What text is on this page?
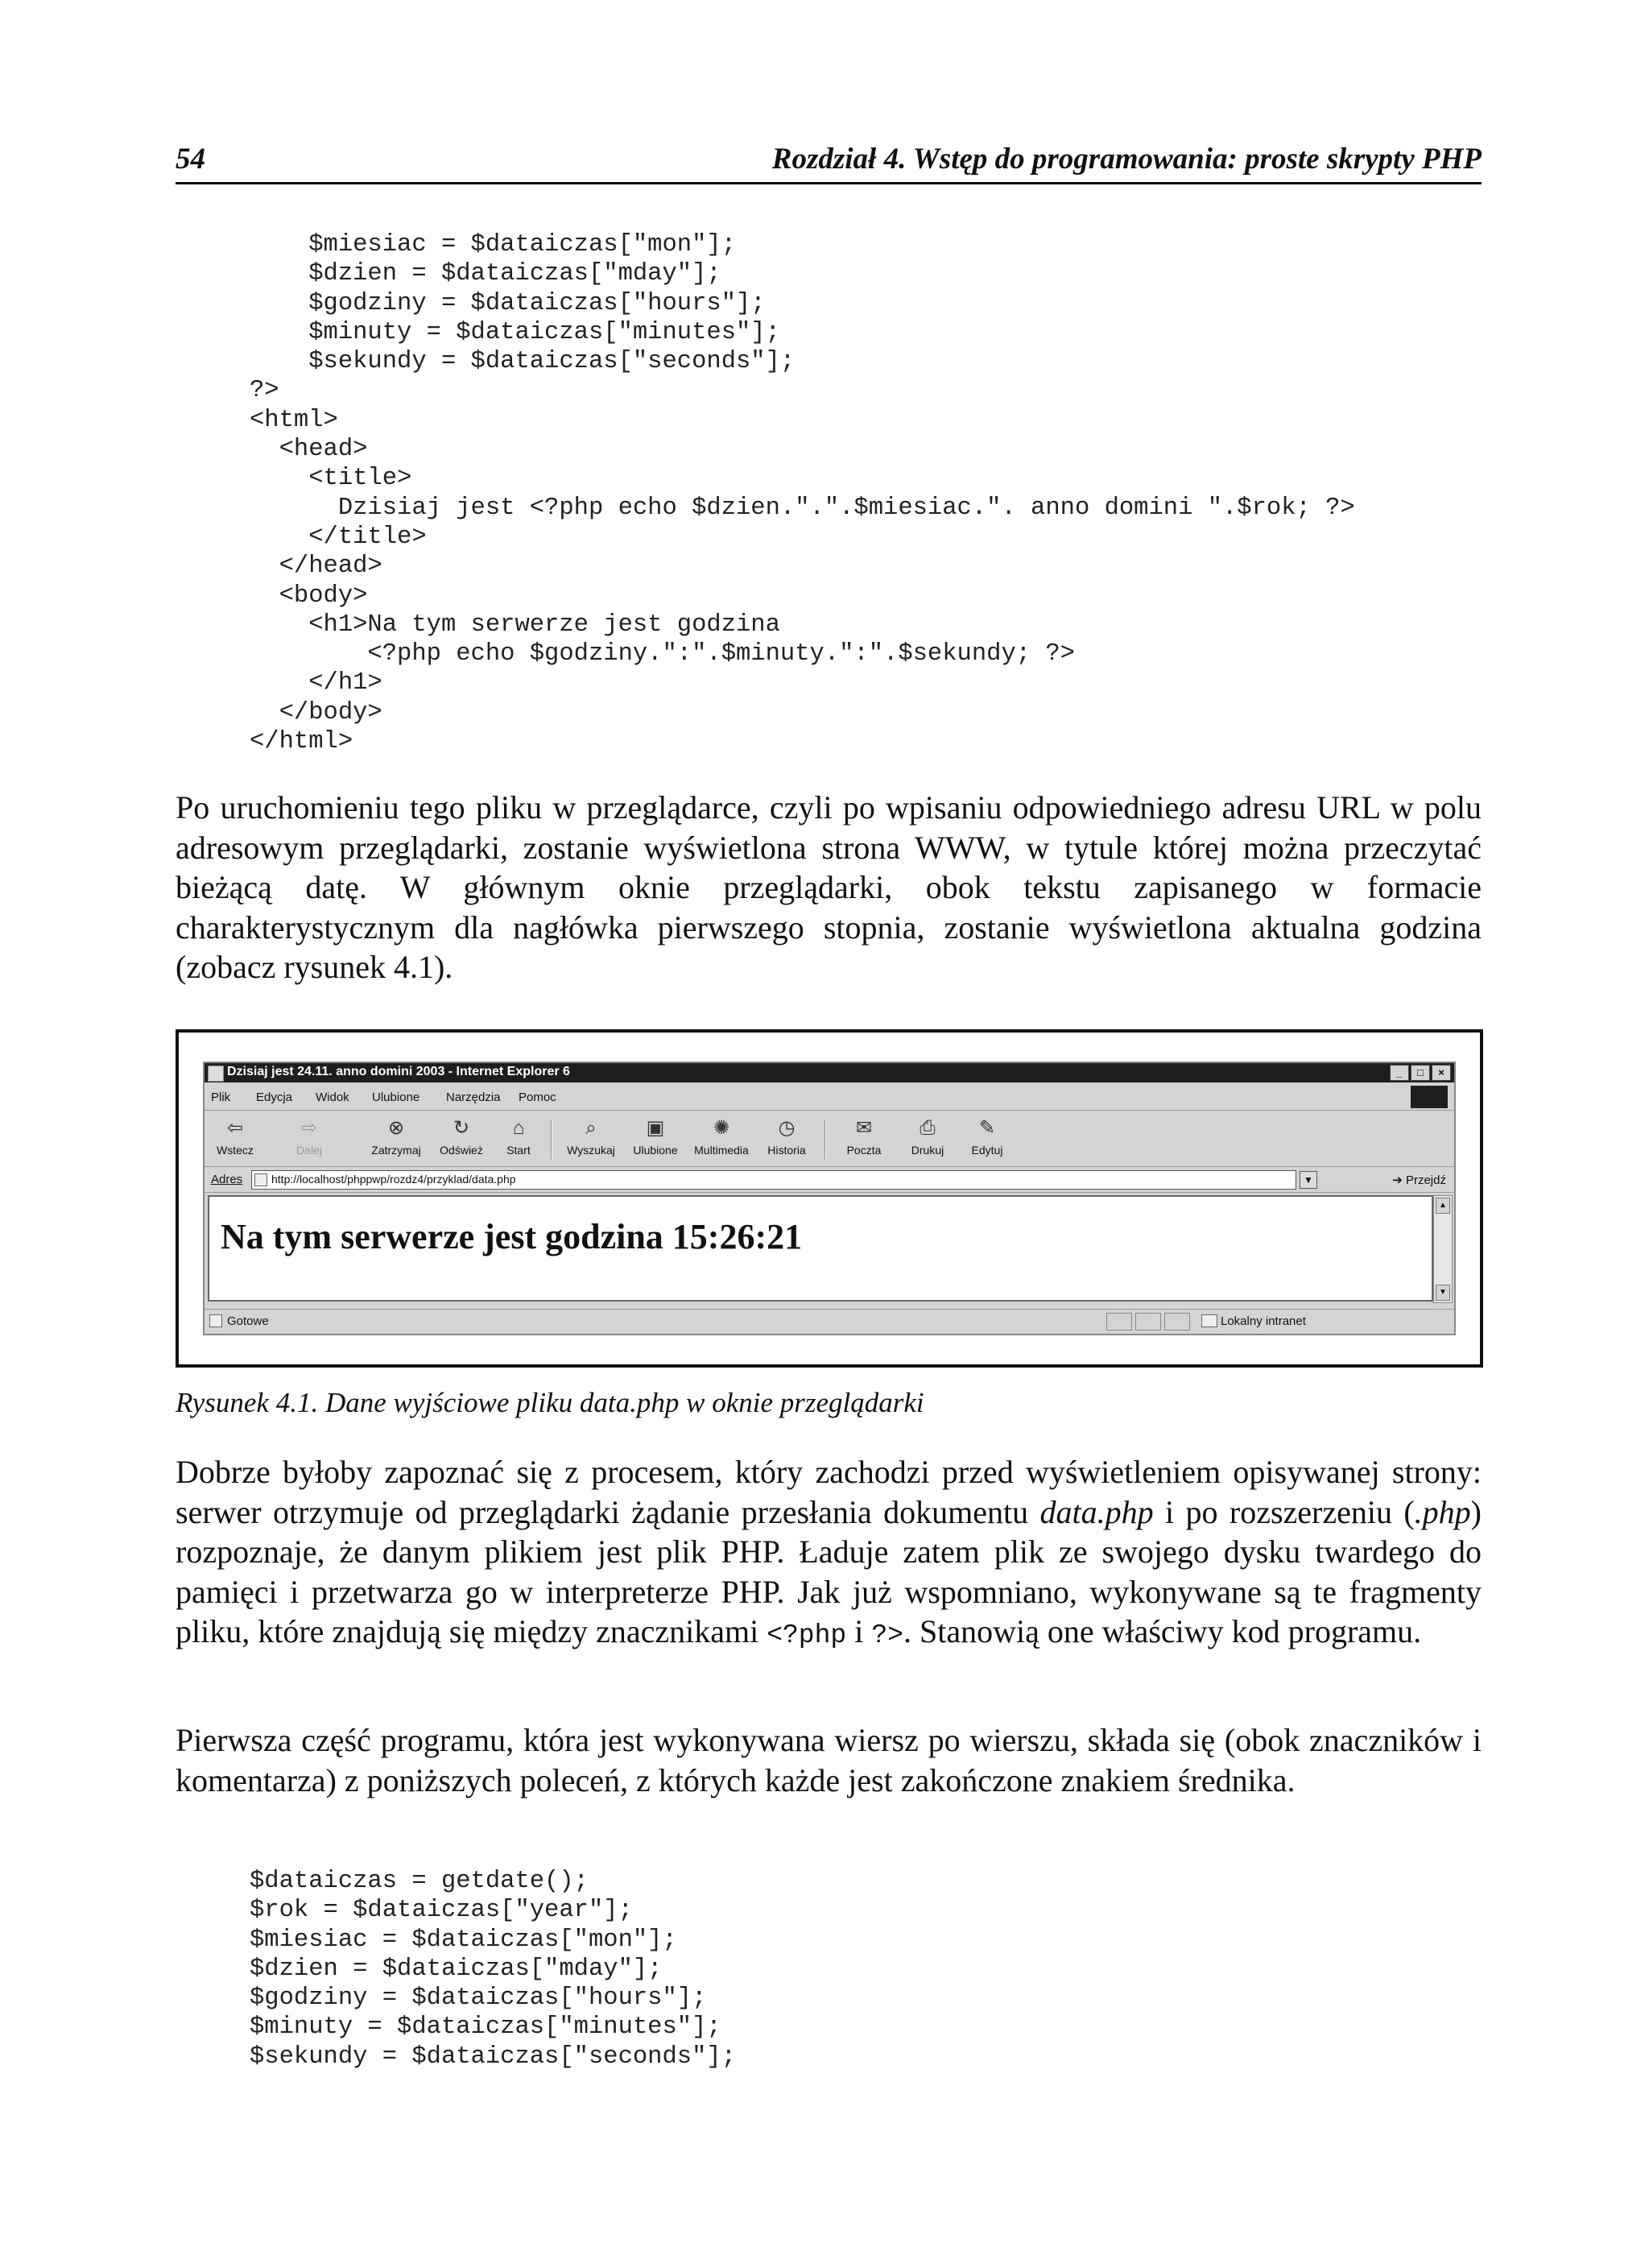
54	Rozdział 4. Wstęp do programowania: proste skrypty PHP
$miesiac = $dataiczas["mon"];
$dzien = $dataiczas["mday"];
$godziny = $dataiczas["hours"];
$minuty = $dataiczas["minutes"];
$sekundy = $dataiczas["seconds"];
?>
<html>
<head>
<title>
Dzisiaj jest <?php echo $dzien.".".$miesiac.". anno domini ".$rok; ?>
</title>
</head>
<body>
<h1>Na tym serwerze jest godzina
<?php echo $godziny.":".$minuty.":".$sekundy; ?>
</h1>
</body>
</html>

Po uruchomieniu tego pliku w przeglądarce, czyli po wpisaniu odpowiedniego adresu URL w polu adresowym przeglądarki, zostanie wyświetlona strona WWW, w tytule której można przeczytać bieżącą datę. W głównym oknie przeglądarki, obok tekstu zapisanego w formacie charakterystycznym dla nagłówka pierwszego stopnia, zostanie wyświetlona aktualna godzina (zobacz rysunek 4.1).

Dzisiaj jest 24.11. anno domini 2003 - Internet Explorer 6	_	□	×
Plik Edycja Widok Ulubione Narzędzia Pomoc
⇦
Wstecz
⇨
Dalej
⊗
Zatrzymaj
↻
Odśwież
⌂
Start
⌕
Wyszukaj
▣
Ulubione
✺
Multimedia
◷
Historia
✉
Poczta
⎙
Drukuj
✎
Edytuj
Adres	http://localhost/phppwp/rozdz4/przyklad/data.php	▼	➔ Przejdź
Na tym serwerze jest godzina 15:26:21
▲
▼
Gotowe	Lokalny intranet
Rysunek 4.1. Dane wyjściowe pliku data.php w oknie przeglądarki

Dobrze byłoby zapoznać się z procesem, który zachodzi przed wyświetleniem opisywanej strony: serwer otrzymuje od przeglądarki żądanie przesłania dokumentu data.php i po rozszerzeniu (.php) rozpoznaje, że danym plikiem jest plik PHP. Ładuje zatem plik ze swojego dysku twardego do pamięci i przetwarza go w interpreterze PHP. Jak już wspomniano, wykonywane są te fragmenty pliku, które znajdują się między znacznikami <?php i ?>. Stanowią one właściwy kod programu.

Pierwsza część programu, która jest wykonywana wiersz po wierszu, składa się (obok znaczników i komentarza) z poniższych poleceń, z których każde jest zakończone znakiem średnika.

$dataiczas = getdate();
$rok = $dataiczas["year"];
$miesiac = $dataiczas["mon"];
$dzien = $dataiczas["mday"];
$godziny = $dataiczas["hours"];
$minuty = $dataiczas["minutes"];
$sekundy = $dataiczas["seconds"];
